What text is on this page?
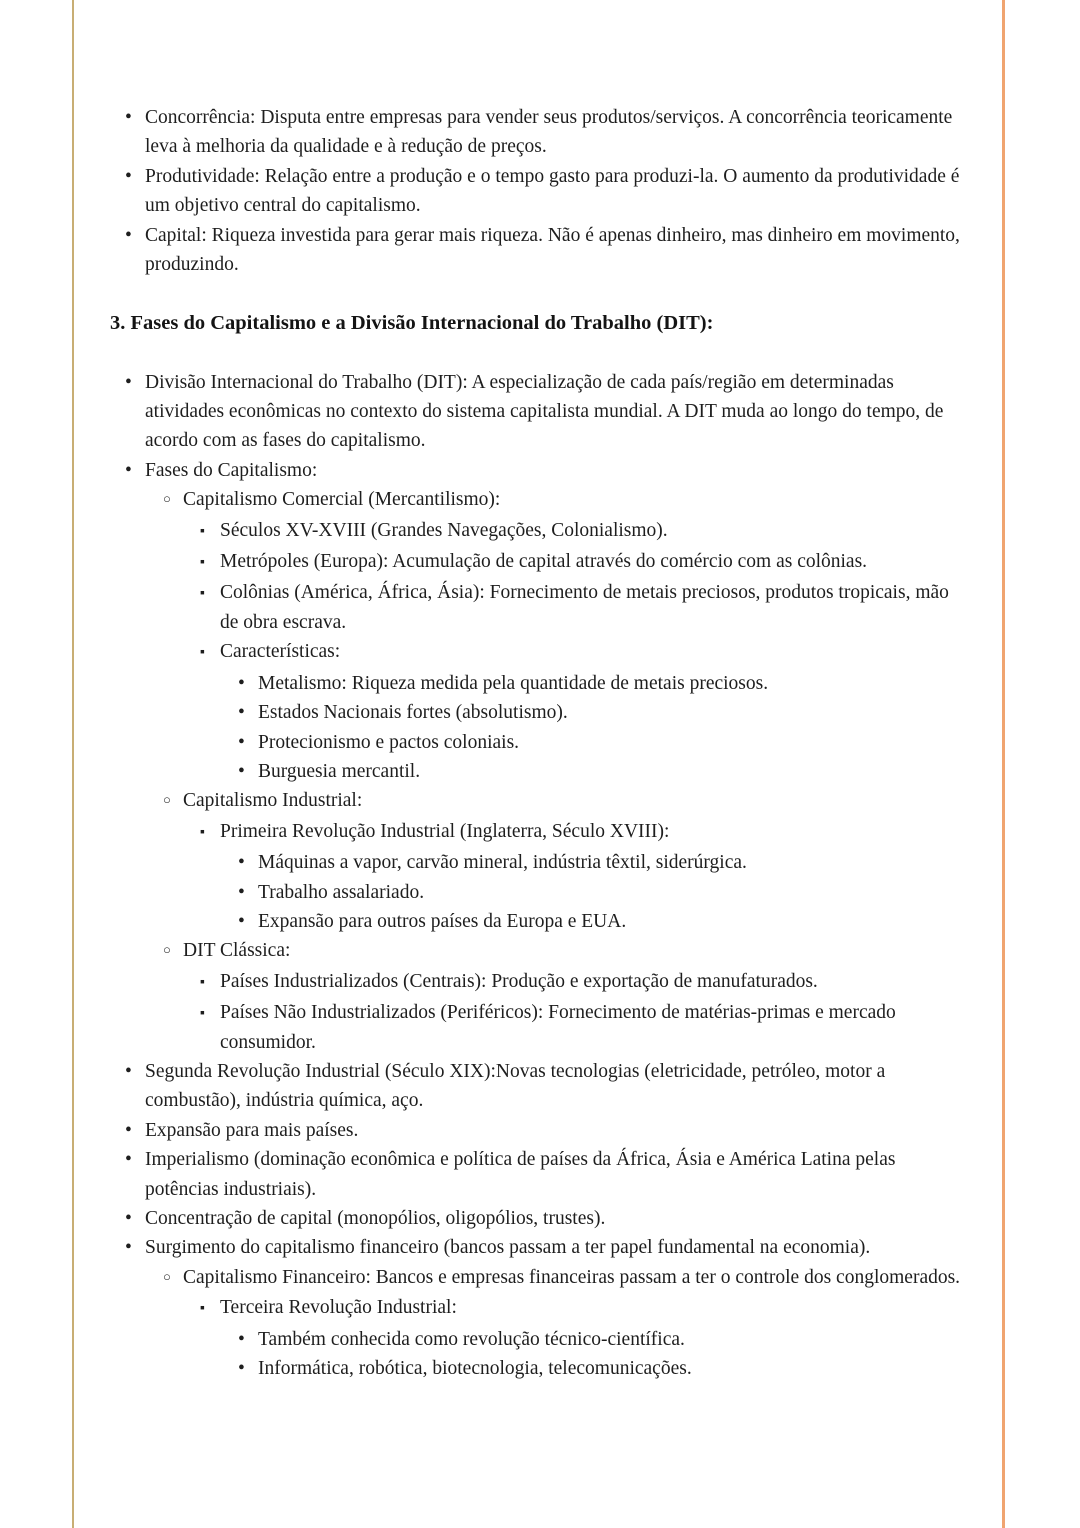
•
Concorrência: Disputa entre empresas para vender seus produtos/serviços. A concorrência teoricamente leva à melhoria da qualidade e à redução de preços.
•
Produtividade: Relação entre a produção e o tempo gasto para produzi-la. O aumento da produtividade é um objetivo central do capitalismo.
•
Capital: Riqueza investida para gerar mais riqueza. Não é apenas dinheiro, mas dinheiro em movimento, produzindo.
3. Fases do Capitalismo e a Divisão Internacional do Trabalho (DIT):
•
Divisão Internacional do Trabalho (DIT): A especialização de cada país/região em determinadas atividades econômicas no contexto do sistema capitalista mundial. A DIT muda ao longo do tempo, de acordo com as fases do capitalismo.
•
Fases do Capitalismo:
○
Capitalismo Comercial (Mercantilismo):
▪
Séculos XV-XVIII (Grandes Navegações, Colonialismo).
▪
Metrópoles (Europa): Acumulação de capital através do comércio com as colônias.
▪
Colônias (América, África, Ásia): Fornecimento de metais preciosos, produtos tropicais, mão de obra escrava.
▪
Características:
•
Metalismo: Riqueza medida pela quantidade de metais preciosos.
•
Estados Nacionais fortes (absolutismo).
•
Protecionismo e pactos coloniais.
•
Burguesia mercantil.
○
Capitalismo Industrial:
▪
Primeira Revolução Industrial (Inglaterra, Século XVIII):
•
Máquinas a vapor, carvão mineral, indústria têxtil, siderúrgica.
•
Trabalho assalariado.
•
Expansão para outros países da Europa e EUA.
○
DIT Clássica:
▪
Países Industrializados (Centrais): Produção e exportação de manufaturados.
▪
Países Não Industrializados (Periféricos): Fornecimento de matérias-primas e mercado consumidor.
•
Segunda Revolução Industrial (Século XIX):Novas tecnologias (eletricidade, petróleo, motor a combustão), indústria química, aço.
•
Expansão para mais países.
•
Imperialismo (dominação econômica e política de países da África, Ásia e América Latina pelas potências industriais).
•
Concentração de capital (monopólios, oligopólios, trustes).
•
Surgimento do capitalismo financeiro (bancos passam a ter papel fundamental na economia).
○
Capitalismo Financeiro: Bancos e empresas financeiras passam a ter o controle dos conglomerados.
▪
Terceira Revolução Industrial:
•
Também conhecida como revolução técnico-científica.
•
Informática, robótica, biotecnologia, telecomunicações.
